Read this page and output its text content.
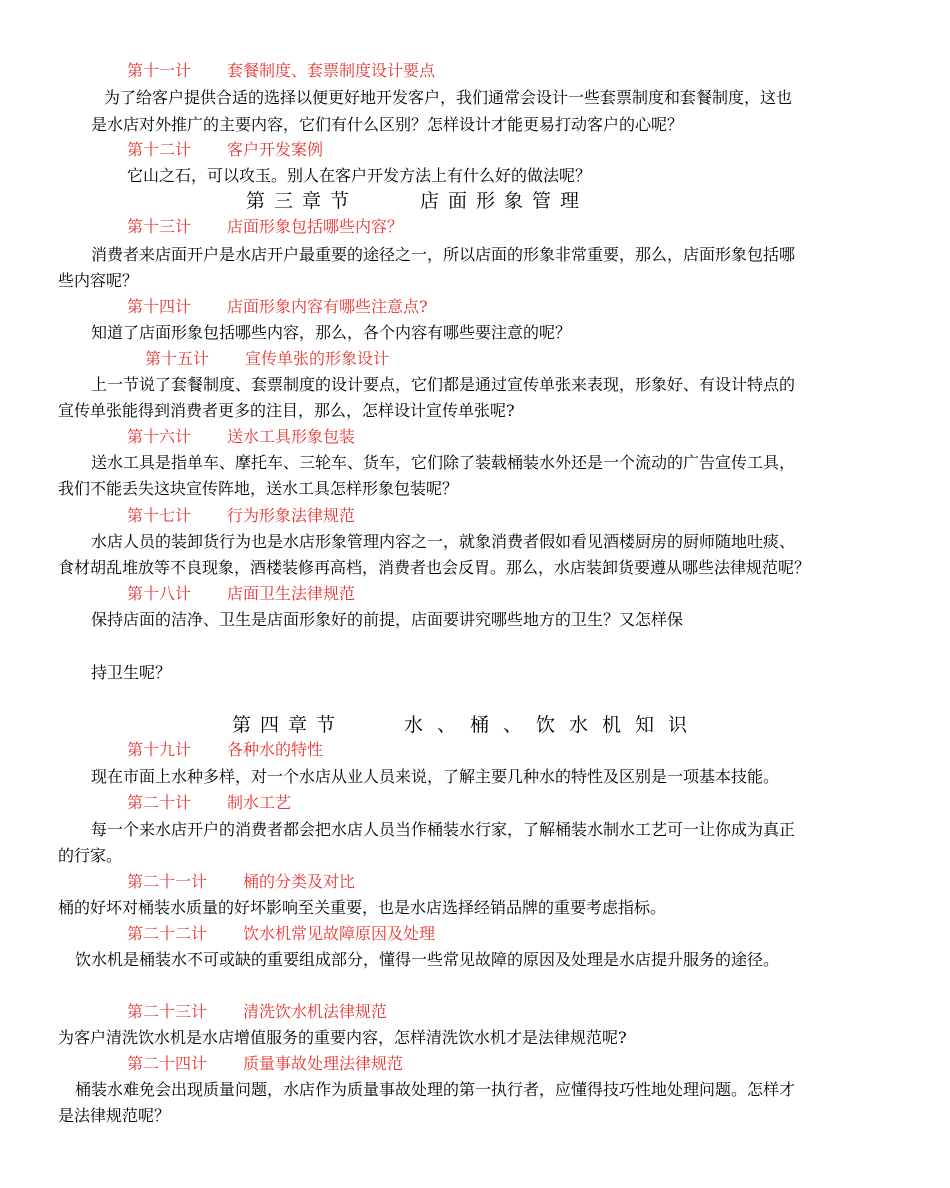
第十一计 套餐制度、套票制度设计要点
为了给客户提供合适的选择以便更好地开发客户，我们通常会设计一些套票制度和套餐制度，这也
是水店对外推广的主要内容，它们有什么区别？怎样设计才能更易打动客户的心呢？
第十二计 客户开发案例
它山之石，可以攻玉。别人在客户开发方法上有什么好的做法呢？
第三章节	店面形象管理
第十三计 店面形象包括哪些内容？
消费者来店面开户是水店开户最重要的途径之一，所以店面的形象非常重要，那么，店面形象包括哪
些内容呢？
第十四计 店面形象内容有哪些注意点?
知道了店面形象包括哪些内容，那么，各个内容有哪些要注意的呢？
第十五计 宣传单张的形象设计
上一节说了套餐制度、套票制度的设计要点，它们都是通过宣传单张来表现，形象好、有设计特点的
宣传单张能得到消费者更多的注目，那么，怎样设计宣传单张呢?
第十六计 送水工具形象包装
送水工具是指单车、摩托车、三轮车、货车，它们除了装载桶装水外还是一个流动的广告宣传工具，
我们不能丢失这块宣传阵地，送水工具怎样形象包装呢？
第十七计 行为形象法律规范
水店人员的装卸货行为也是水店形象管理内容之一，就象消费者假如看见酒楼厨房的厨师随地吐痰、
食材胡乱堆放等不良现象，酒楼装修再高档，消费者也会反胃。那么，水店装卸货要遵从哪些法律规范呢？
第十八计 店面卫生法律规范
保持店面的洁净、卫生是店面形象好的前提，店面要讲究哪些地方的卫生？又怎样保
持卫生呢？
第四章节	水、桶、饮水机知识
第十九计 各种水的特性
现在市面上水种多样，对一个水店从业人员来说，了解主要几种水的特性及区别是一项基本技能。
第二十计 制水工艺
每一个来水店开户的消费者都会把水店人员当作桶装水行家，了解桶装水制水工艺可一让你成为真正
的行家。
第二十一计 桶的分类及对比
桶的好坏对桶装水质量的好坏影响至关重要，也是水店选择经销品牌的重要考虑指标。
第二十二计 饮水机常见故障原因及处理
饮水机是桶装水不可或缺的重要组成部分，懂得一些常见故障的原因及处理是水店提升服务的途径。
第二十三计 清洗饮水机法律规范
为客户清洗饮水机是水店增值服务的重要内容，怎样清洗饮水机才是法律规范呢?
第二十四计 质量事故处理法律规范
桶装水难免会出现质量问题，水店作为质量事故处理的第一执行者，应懂得技巧性地处理问题。怎样才
是法律规范呢？
